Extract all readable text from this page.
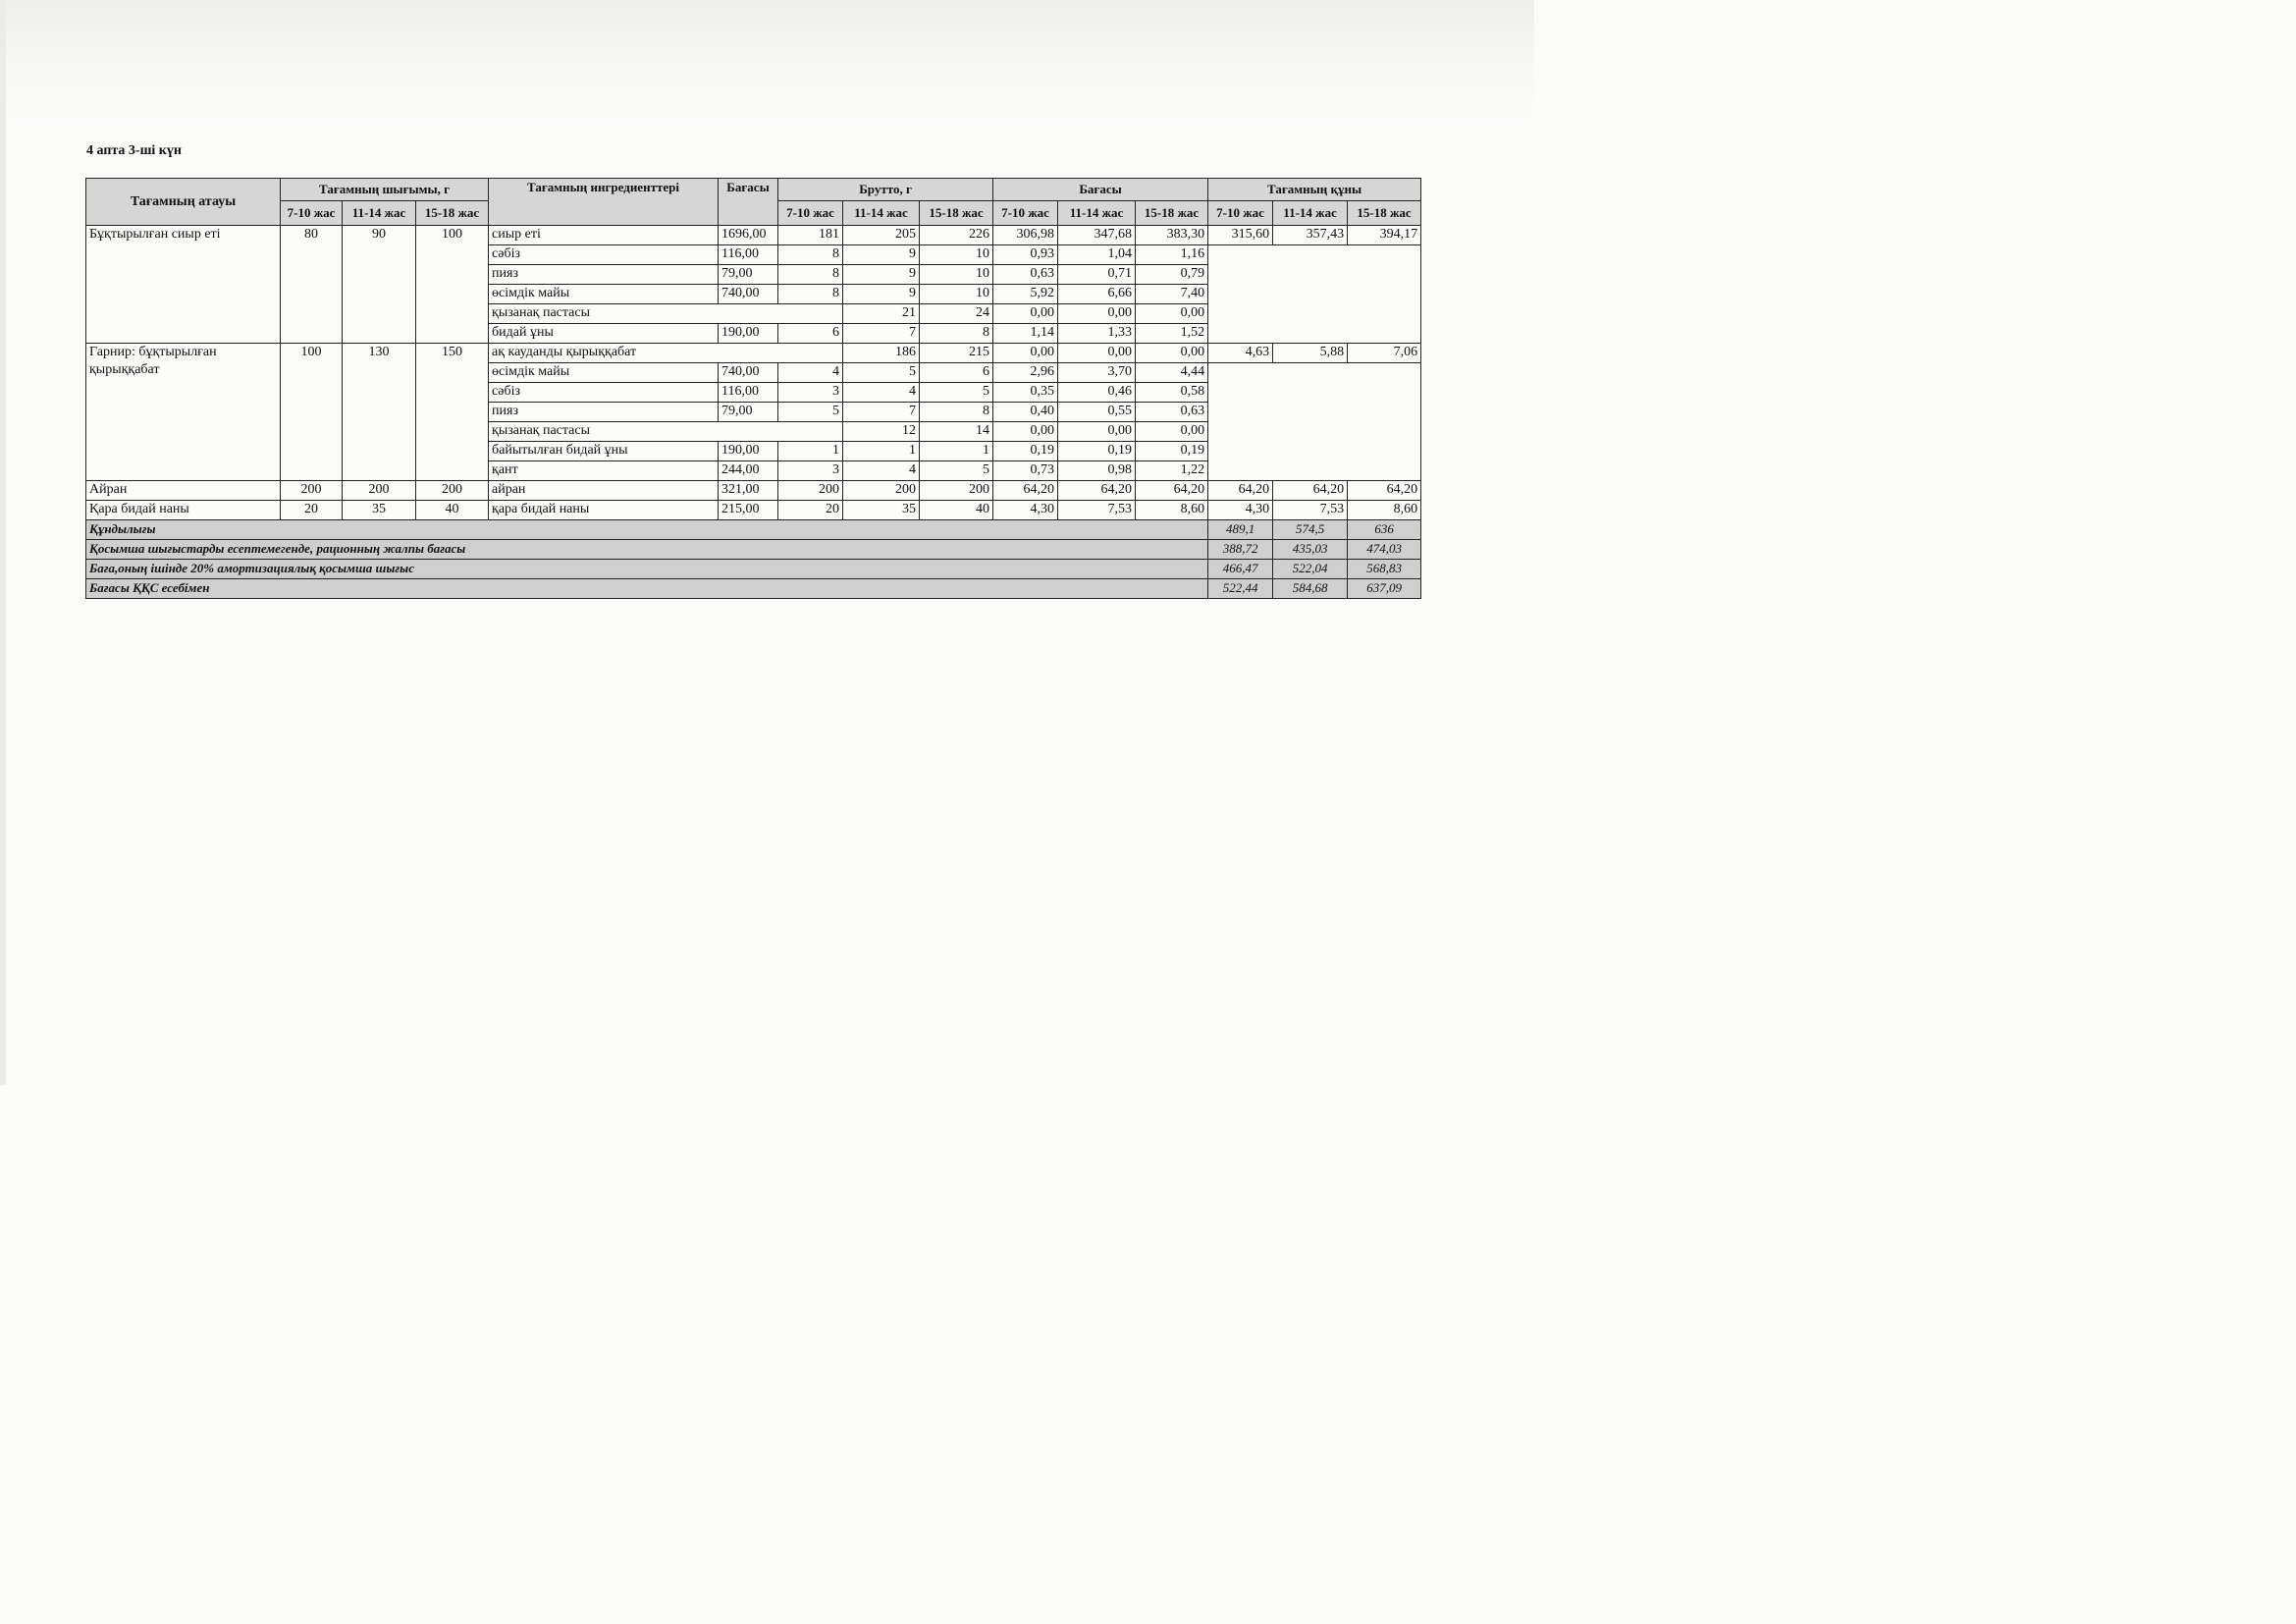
4 апта 3-ші күн
Тағамның атауы	Тағамның шығымы, г			Тағамның ингредиенттері	Бағасы	Брутто, г			Бағасы			Тағамның құны		
	7-10 жас	11-14 жас	15-18 жас			7-10 жас	11-14 жас	15-18 жас	7-10 жас	11-14 жас	15-18 жас	7-10 жас	11-14 жас	15-18 жас
Бұқтырылған сиыр еті	80	90	100	сиыр еті	1696,00	181	205	226	306,98	347,68	383,30	315,60	357,43	394,17
				сәбіз	116,00	8	9	10	0,93	1,04	1,16			
				пияз	79,00	8	9	10	0,63	0,71	0,79			
				өсімдік майы	740,00	8	9	10	5,92	6,66	7,40			
				қызанақ пастасы			21	24	0,00	0,00	0,00			
				бидай ұны	190,00	6	7	8	1,14	1,33	1,52			
Гарнир: бұқтырылған қырыққабат	100	130	150	ақ кауданды қырыққабат			186	215	0,00	0,00	0,00	4,63	5,88	7,06
				өсімдік майы	740,00	4	5	6	2,96	3,70	4,44			
				сәбіз	116,00	3	4	5	0,35	0,46	0,58			
				пияз	79,00	5	7	8	0,40	0,55	0,63			
				қызанақ пастасы			12	14	0,00	0,00	0,00			
				байытылған бидай ұны	190,00	1	1	1	0,19	0,19	0,19			
				қант	244,00	3	4	5	0,73	0,98	1,22			
Айран	200	200	200	айран	321,00	200	200	200	64,20	64,20	64,20	64,20	64,20	64,20
Қара бидай наны	20	35	40	қара бидай наны	215,00	20	35	40	4,30	7,53	8,60	4,30	7,53	8,60
Құндылығы												489,1	574,5	636
Қосымша шығыстарды есептемегенде, рационның жалпы бағасы												388,72	435,03	474,03
Баға,оның ішінде 20% амортизациялық қосымша шығыс												466,47	522,04	568,83
Бағасы ҚҚС есебімен												522,44	584,68	637,09
